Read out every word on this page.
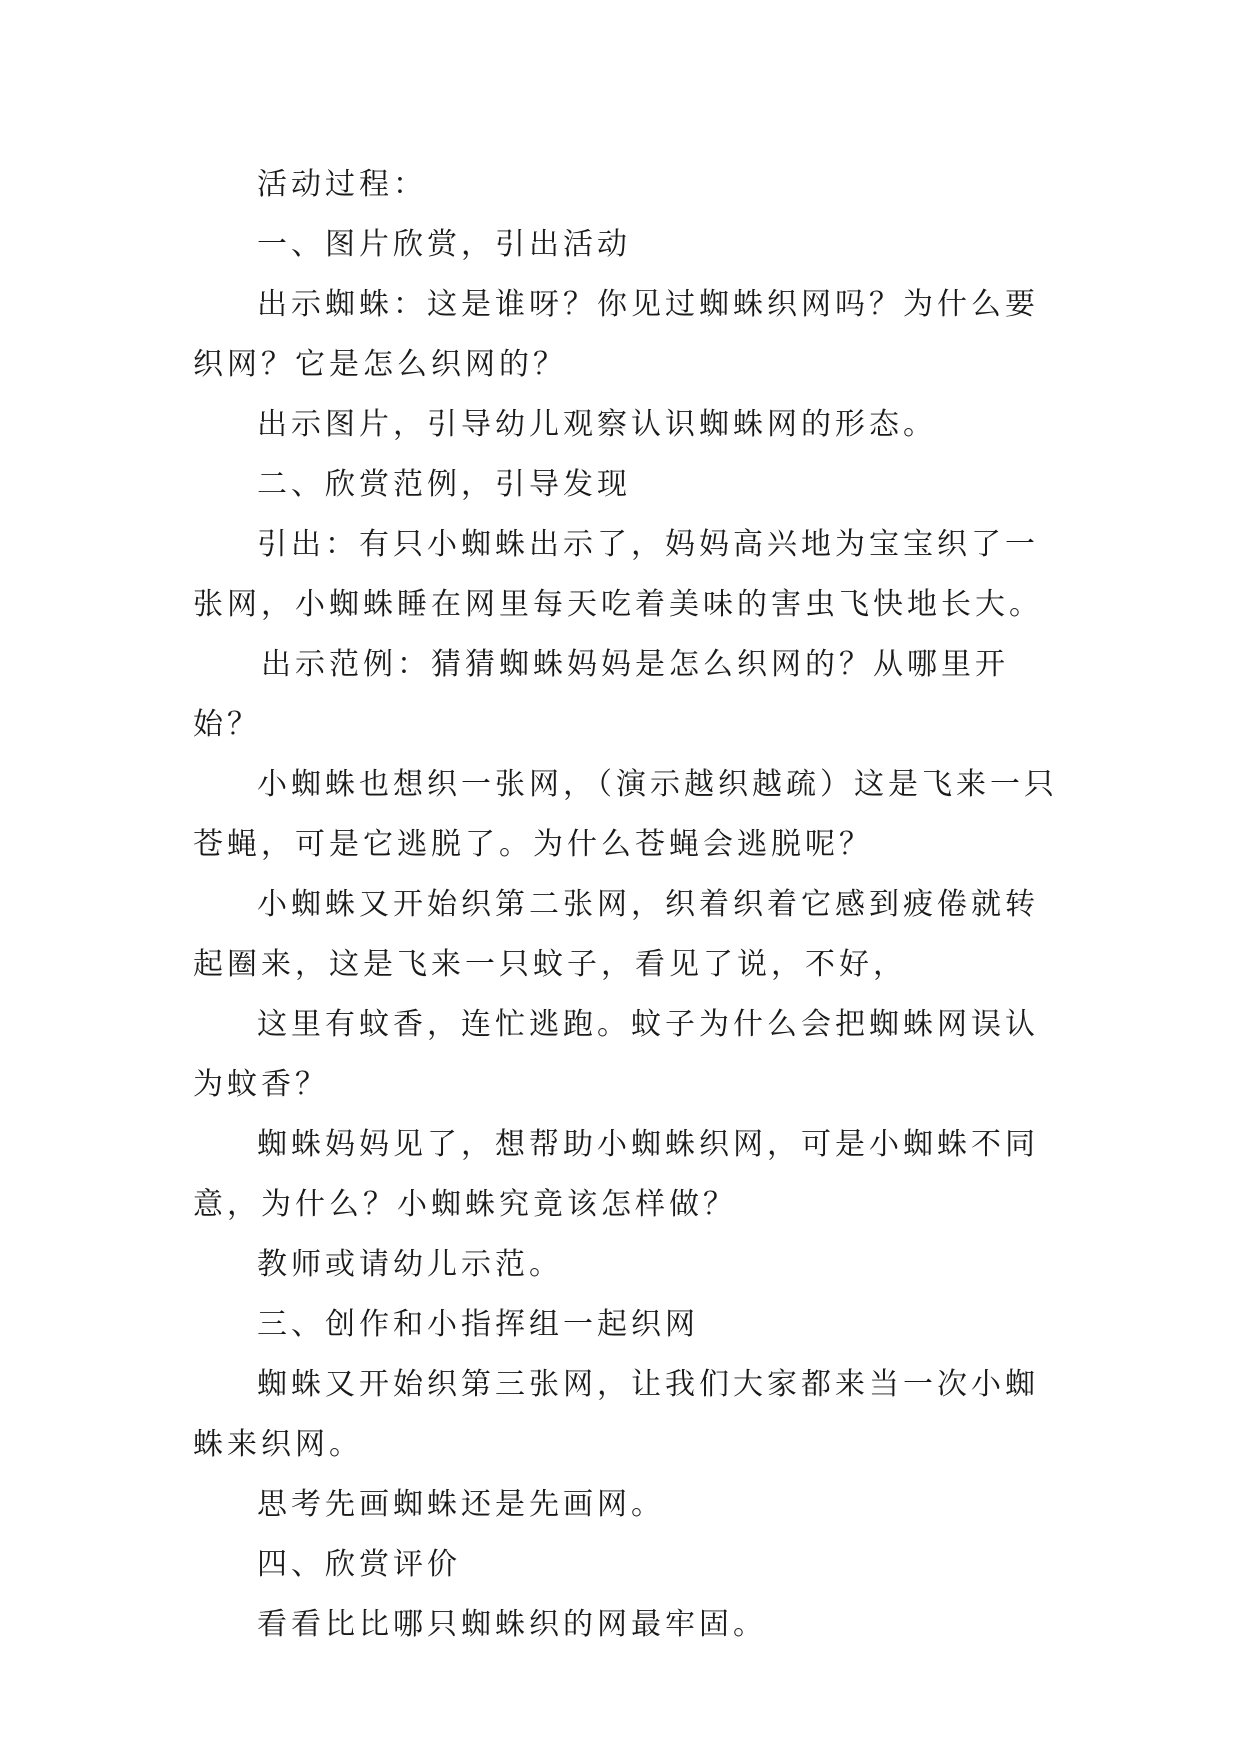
活动过程：

一、图片欣赏，引出活动

出示蜘蛛：这是谁呀？你见过蜘蛛织网吗？为什么要织网？它是怎么织网的？

出示图片，引导幼儿观察认识蜘蛛网的形态。

二、欣赏范例，引导发现

引出：有只小蜘蛛出示了，妈妈高兴地为宝宝织了一张网，小蜘蛛睡在网里每天吃着美味的害虫飞快地长大。

出示范例：猜猜蜘蛛妈妈是怎么织网的？从哪里开始？

小蜘蛛也想织一张网，（演示越织越疏）这是飞来一只苍蝇，可是它逃脱了。为什么苍蝇会逃脱呢？

小蜘蛛又开始织第二张网，织着织着它感到疲倦就转起圈来，这是飞来一只蚊子，看见了说，不好，

这里有蚊香，连忙逃跑。蚊子为什么会把蜘蛛网误认为蚊香？

蜘蛛妈妈见了，想帮助小蜘蛛织网，可是小蜘蛛不同意，为什么？小蜘蛛究竟该怎样做？

教师或请幼儿示范。

三、创作和小指挥组一起织网

蜘蛛又开始织第三张网，让我们大家都来当一次小蜘蛛来织网。

思考先画蜘蛛还是先画网。

四、欣赏评价

看看比比哪只蜘蛛织的网最牢固。
